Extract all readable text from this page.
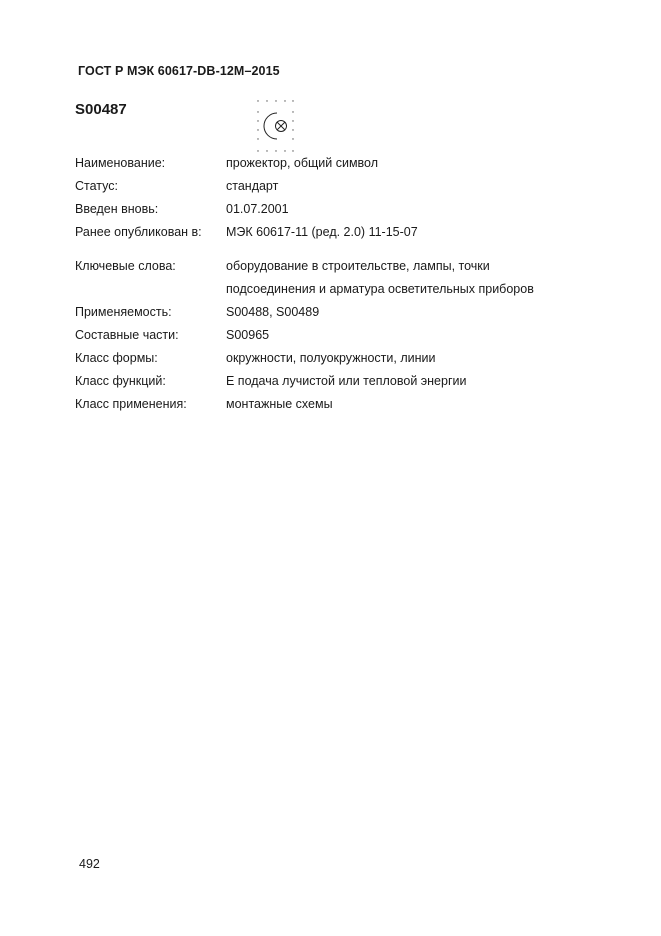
ГОСТ Р МЭК 60617-DB-12M–2015
S00487
Наименование:	прожектор, общий символ
Статус:	стандарт
Введен вновь:	01.07.2001
Ранее опубликован в:	МЭК 60617-11 (ред. 2.0) 11-15-07
Ключевые слова:	оборудование в строительстве, лампы, точки
подсоединения и арматура осветительных приборов
Применяемость:	S00488, S00489
Составные части:	S00965
Класс формы:	окружности, полуокружности, линии
Класс функций:	E подача лучистой или тепловой энергии
Класс применения:	монтажные схемы
492
